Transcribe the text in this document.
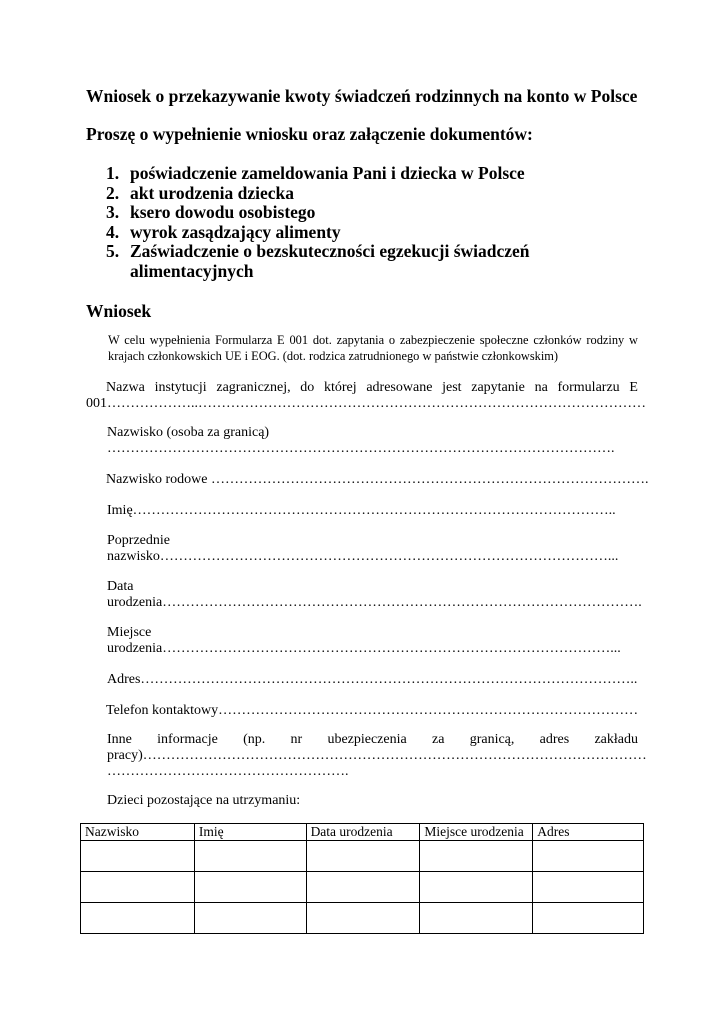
Wniosek o przekazywanie kwoty świadczeń rodzinnych na konto w Polsce
Proszę o wypełnienie wniosku oraz załączenie dokumentów:
1. poświadczenie zameldowania Pani i dziecka w Polsce
2. akt urodzenia dziecka
3. ksero dowodu osobistego
4. wyrok zasądzający alimenty
5. Zaświadczenie o bezskuteczności egzekucji świadczeń alimentacyjnych
Wniosek
W celu wypełnienia Formularza E 001 dot. zapytania o zabezpieczenie społeczne członków rodziny w krajach członkowskich UE i EOG. (dot. rodzica zatrudnionego w państwie członkowskim)
Nazwa instytucji zagranicznej, do której adresowane jest zapytanie na formularzu E
001………………..……………………………………………………………………………………
Nazwisko (osoba za granicą)
……………………………………………………………………………………………….
Nazwisko rodowe ………………………………………………………………………………….
Imię…………………………………………………………………………………………..
Poprzednie
nazwisko……………………………………………………………………………………...
Data
urodzenia………………………………………………………………………………………….
Miejsce
urodzenia……………………………………………………………………………………...
Adres……………………………………………………………………………………………..
Telefon kontaktowy………………………………………………………………………………
Inne informacje (np. nr ubezpieczenia za granicą, adres zakładu
pracy)………………………………………………………………………………………………
…………………………………………….
Dzieci pozostające na utrzymaniu:
Nazwisko	Imię	Data urodzenia	Miejsce urodzenia	Adres
